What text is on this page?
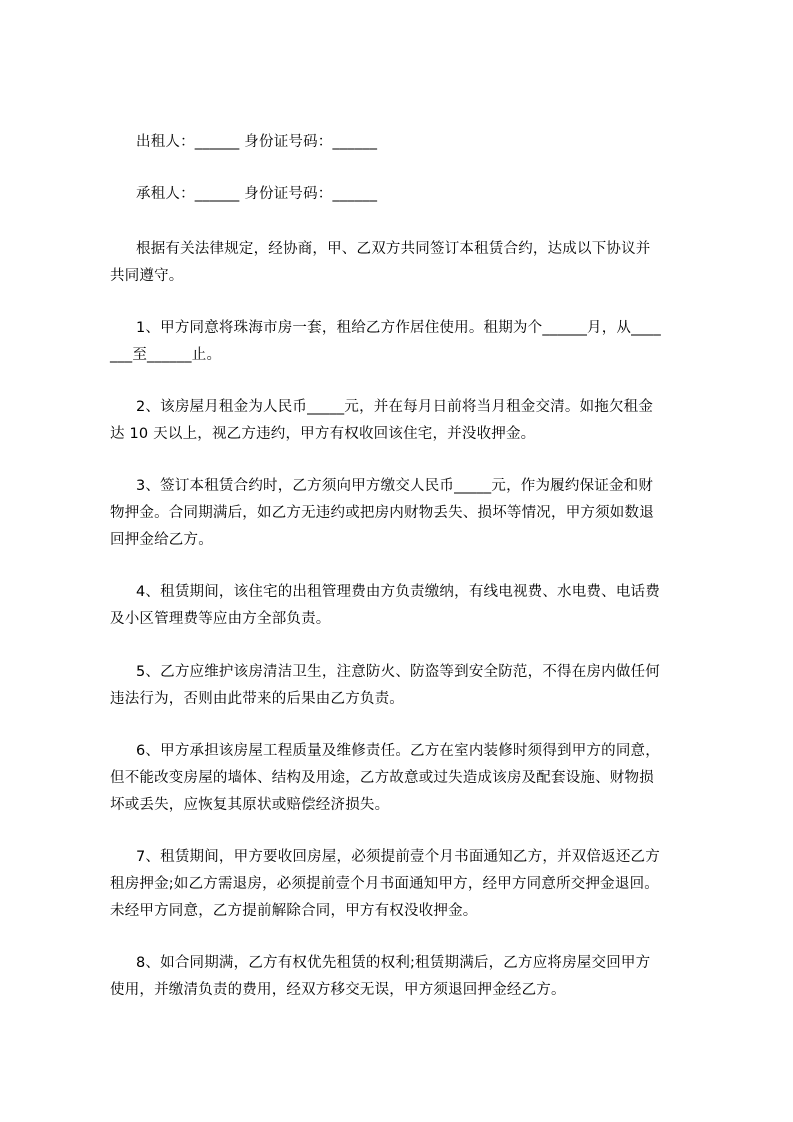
出租人：______ 身份证号码：______
承租人：______ 身份证号码：______
根据有关法律规定，经协商，甲、乙双方共同签订本租赁合约，达成以下协议并
共同遵守。
1、甲方同意将珠海市房一套，租给乙方作居住使用。租期为个______月，从____
___至______止。
2、该房屋月租金为人民币_____元，并在每月日前将当月租金交清。如拖欠租金
达 10 天以上，视乙方违约，甲方有权收回该住宅，并没收押金。
3、签订本租赁合约时，乙方须向甲方缴交人民币_____元，作为履约保证金和财
物押金。合同期满后，如乙方无违约或把房内财物丢失、损坏等情况，甲方须如数退
回押金给乙方。
4、租赁期间，该住宅的出租管理费由方负责缴纳，有线电视费、水电费、电话费
及小区管理费等应由方全部负责。
5、乙方应维护该房清洁卫生，注意防火、防盗等到安全防范，不得在房内做任何
违法行为，否则由此带来的后果由乙方负责。
6、甲方承担该房屋工程质量及维修责任。乙方在室内装修时须得到甲方的同意，
但不能改变房屋的墙体、结构及用途，乙方故意或过失造成该房及配套设施、财物损
坏或丢失，应恢复其原状或赔偿经济损失。
7、租赁期间，甲方要收回房屋，必须提前壹个月书面通知乙方，并双倍返还乙方
租房押金;如乙方需退房，必须提前壹个月书面通知甲方，经甲方同意所交押金退回。
未经甲方同意，乙方提前解除合同，甲方有权没收押金。
8、如合同期满，乙方有权优先租赁的权利;租赁期满后，乙方应将房屋交回甲方
使用，并缴清负责的费用，经双方移交无误，甲方须退回押金经乙方。
